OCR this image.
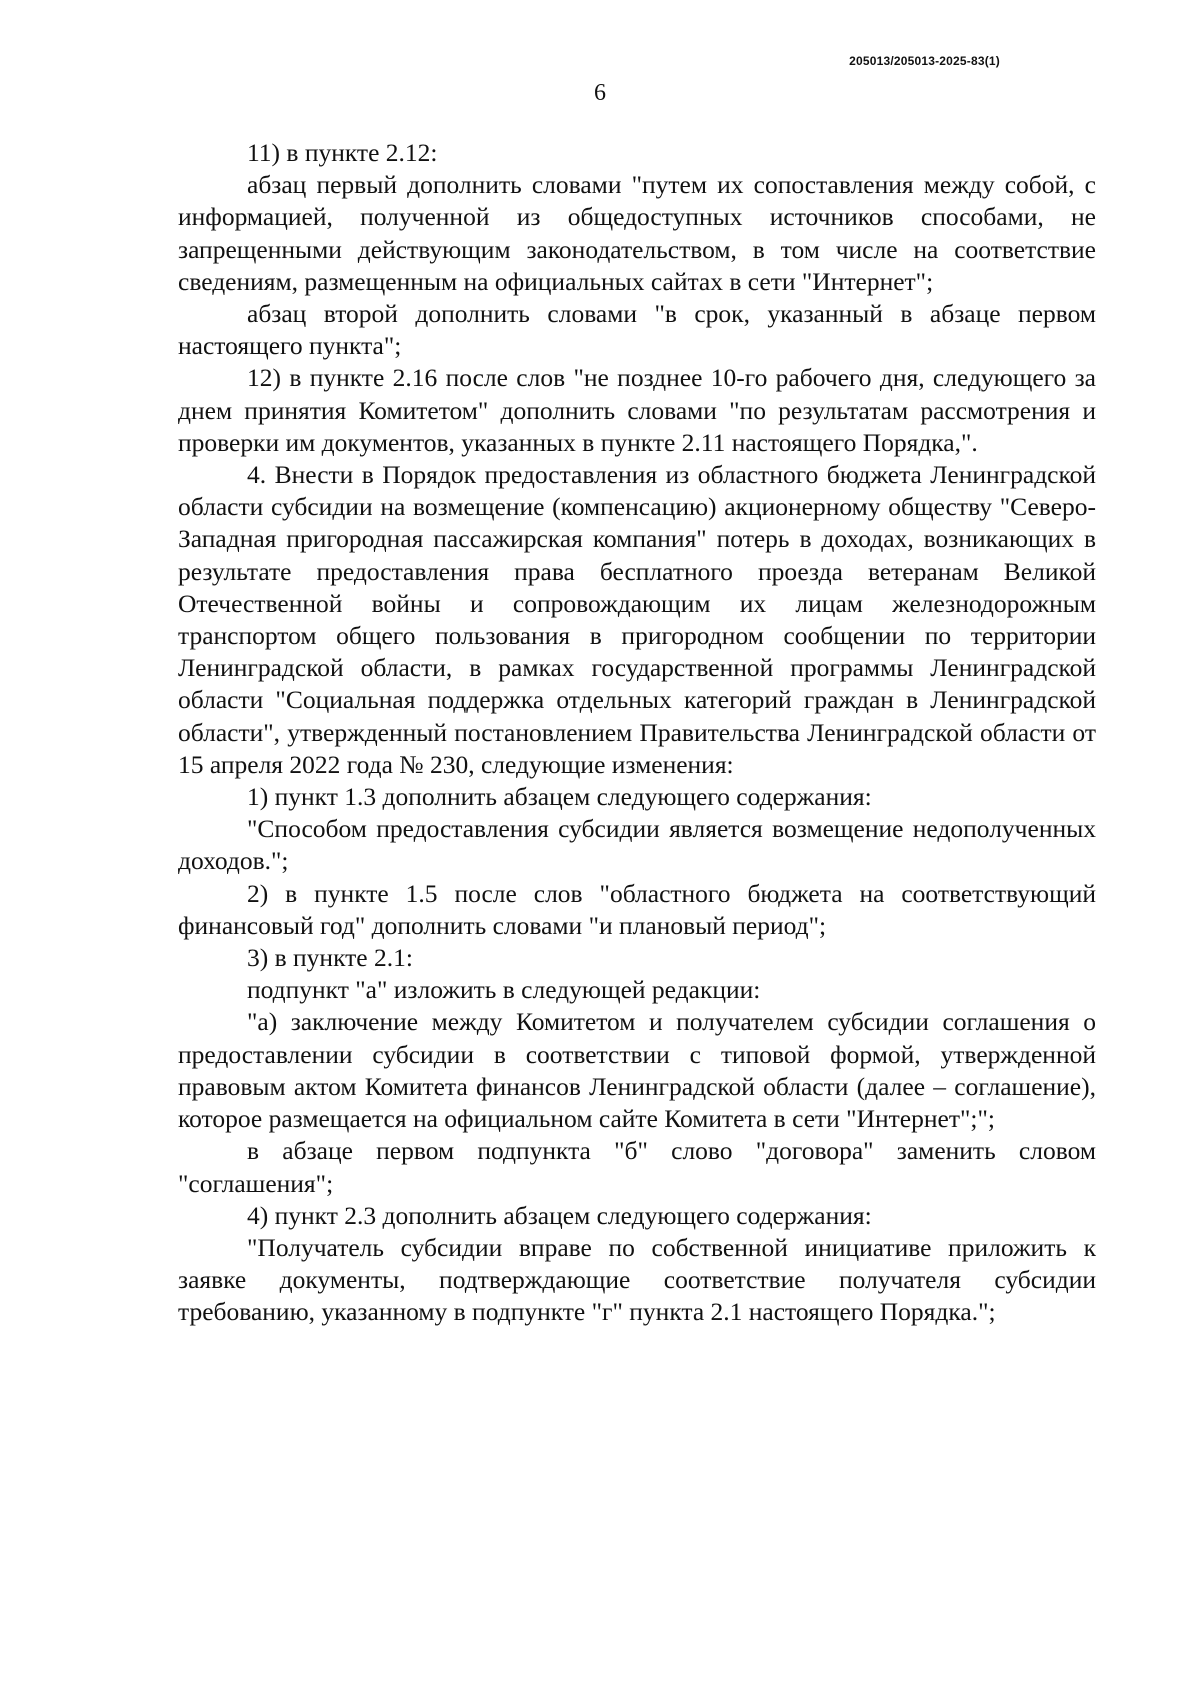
205013/205013-2025-83(1)
6

11) в пункте 2.12:

абзац первый дополнить словами "путем их сопоставления между собой, с информацией, полученной из общедоступных источников способами, не запрещенными действующим законодательством, в том числе на соответствие сведениям, размещенным на официальных сайтах в сети "Интернет";

абзац второй дополнить словами "в срок, указанный в абзаце первом настоящего пункта";

12) в пункте 2.16 после слов "не позднее 10-го рабочего дня, следующего за днем принятия Комитетом" дополнить словами "по результатам рассмотрения и проверки им документов, указанных в пункте 2.11 настоящего Порядка,".

4. Внести в Порядок предоставления из областного бюджета Ленинградской области субсидии на возмещение (компенсацию) акционерному обществу "Северо-Западная пригородная пассажирская компания" потерь в доходах, возникающих в результате предоставления права бесплатного проезда ветеранам Великой Отечественной войны и сопровождающим их лицам железнодорожным транспортом общего пользования в пригородном сообщении по территории Ленинградской области, в рамках государственной программы Ленинградской области "Социальная поддержка отдельных категорий граждан в Ленинградской области", утвержденный постановлением Правительства Ленинградской области от 15 апреля 2022 года № 230, следующие изменения:

1) пункт 1.3 дополнить абзацем следующего содержания:

"Способом предоставления субсидии является возмещение недополученных доходов.";

2) в пункте 1.5 после слов "областного бюджета на соответствующий финансовый год" дополнить словами "и плановый период";

3) в пункте 2.1:

подпункт "а" изложить в следующей редакции:

"а) заключение между Комитетом и получателем субсидии соглашения о предоставлении субсидии в соответствии с типовой формой, утвержденной правовым актом Комитета финансов Ленинградской области (далее – соглашение), которое размещается на официальном сайте Комитета в сети "Интернет";";

в абзаце первом подпункта "б" слово "договора" заменить словом "соглашения";

4) пункт 2.3 дополнить абзацем следующего содержания:

"Получатель субсидии вправе по собственной инициативе приложить к заявке документы, подтверждающие соответствие получателя субсидии требованию, указанному в подпункте "г" пункта 2.1 настоящего Порядка.";
